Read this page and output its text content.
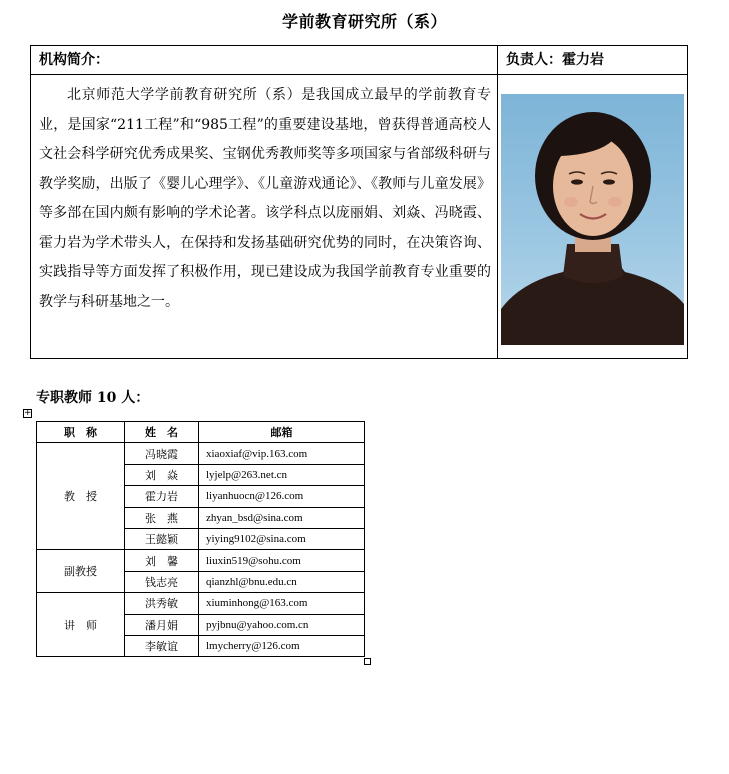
学前教育研究所（系）
机构简介：	负责人：霍力岩
北京师范大学学前教育研究所（系）是我国成立最早的学前教育专业，是国家“211工程”和“985工程”的重要建设基地，曾获得普通高校人文社会科学研究优秀成果奖、宝钢优秀教师奖等多项国家与省部级科研与教学奖励，出版了《婴儿心理学》、《儿童游戏通论》、《教师与儿童发展》等多部在国内颇有影响的学术论著。该学科点以庞丽娟、刘焱、冯晓霞、霍力岩为学术带头人，在保持和发扬基础研究优势的同时，在决策咨询、实践指导等方面发挥了积极作用，现已建设成为我国学前教育专业重要的教学与科研基地之一。	
专职教师 10 人：
+
职　称	姓　名	邮箱
教　授	冯晓霞	xiaoxiaf@vip.163.com
	刘　焱	lyjelp@263.net.cn
	霍力岩	liyanhuocn@126.com
	张　燕	zhyan_bsd@sina.com
	王懿颖	yiying9102@sina.com
副教授	刘　馨	liuxin519@sohu.com
	钱志亮	qianzhl@bnu.edu.cn
讲　师	洪秀敏	xiuminhong@163.com
	潘月娟	pyjbnu@yahoo.com.cn
	李敏谊	lmycherry@126.com
